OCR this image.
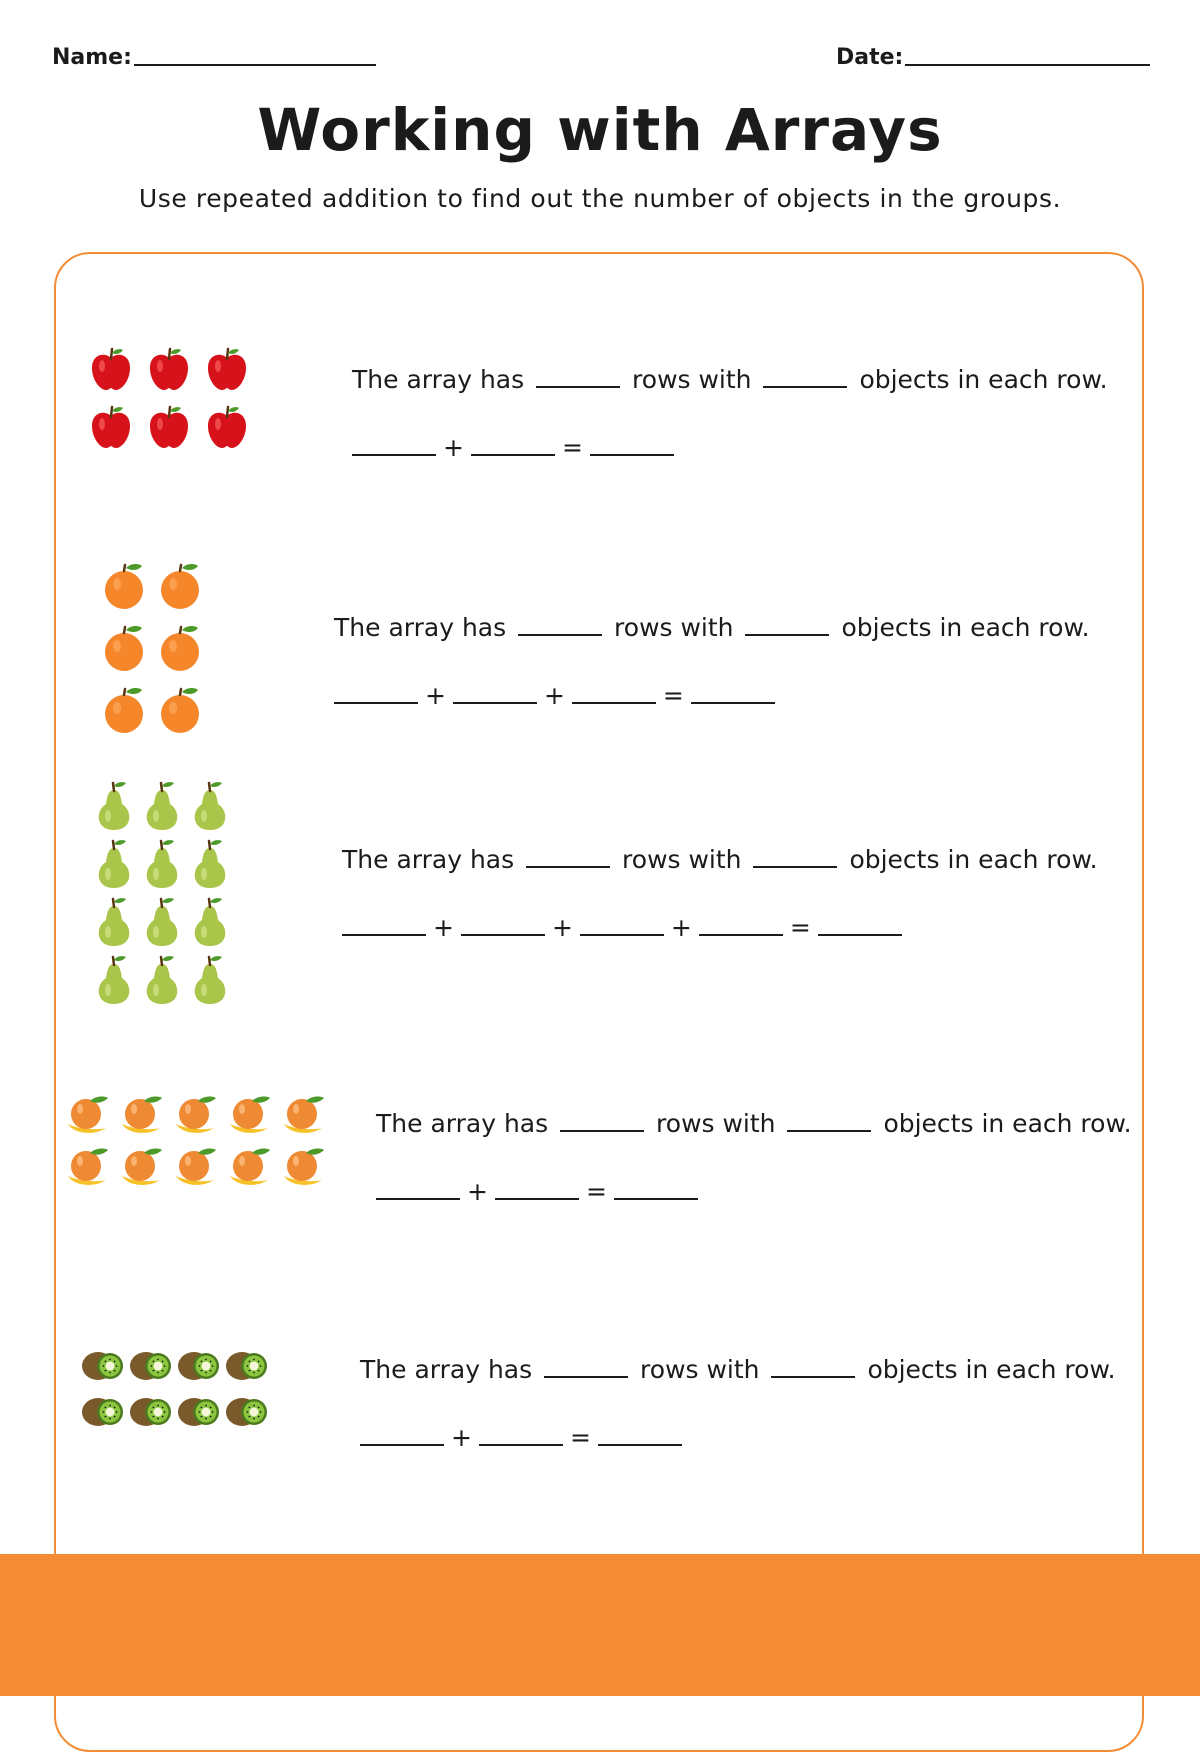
Name:	Date:
Working with Arrays

Use repeated addition to find out the number of objects in the groups.

The array has	rows with	objects in each row.
+	=
The array has	rows with	objects in each row.
+	+	=
The array has	rows with	objects in each row.
+	+	+	=
The array has	rows with	objects in each row.
+	=
The array has	rows with	objects in each row.
+	=
